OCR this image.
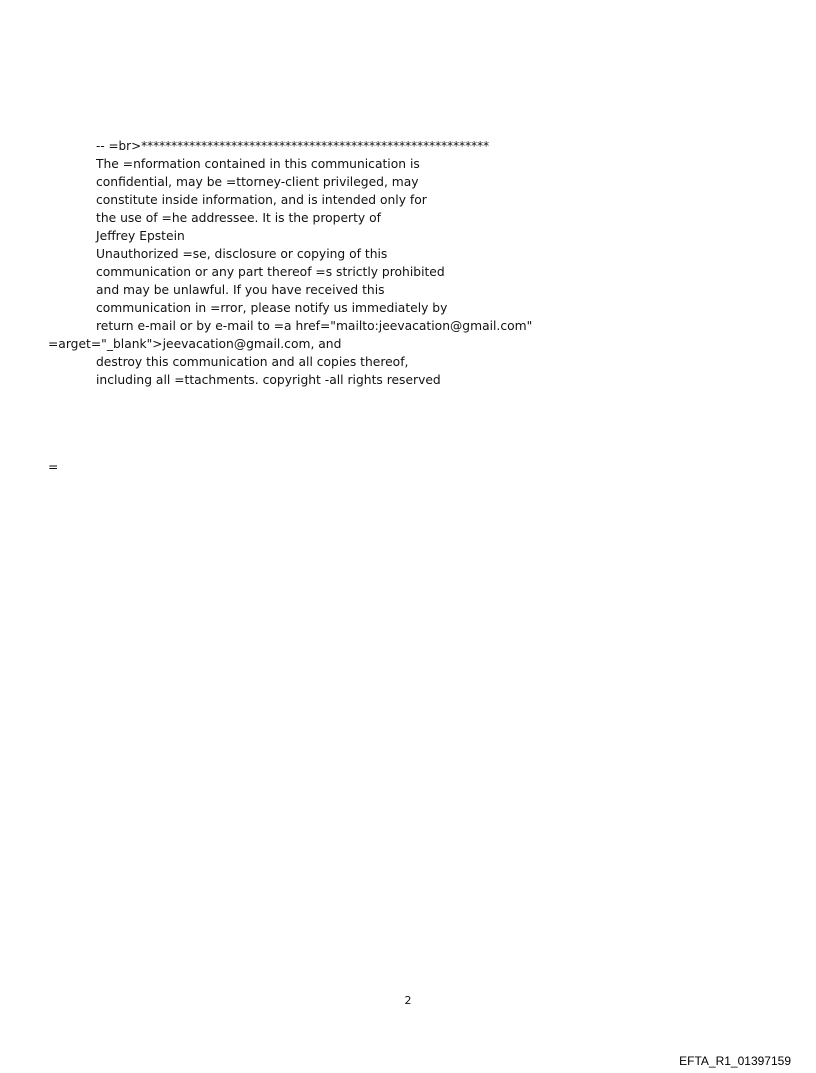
-- =br>**********************************************************
The =nformation contained in this communication is
confidential, may be =ttorney-client privileged, may
constitute inside information, and is intended only for
the use of =he addressee. It is the property of
Jeffrey Epstein
Unauthorized =se, disclosure or copying of this
communication or any part thereof =s strictly prohibited
and may be unlawful. If you have received this
communication in =rror, please notify us immediately by
return e-mail or by e-mail to =a href="mailto:jeevacation@gmail.com"
=arget="_blank">jeevacation@gmail.com, and
destroy this communication and all copies thereof,
including all =ttachments. copyright -all rights reserved
=
2
EFTA_R1_01397159
